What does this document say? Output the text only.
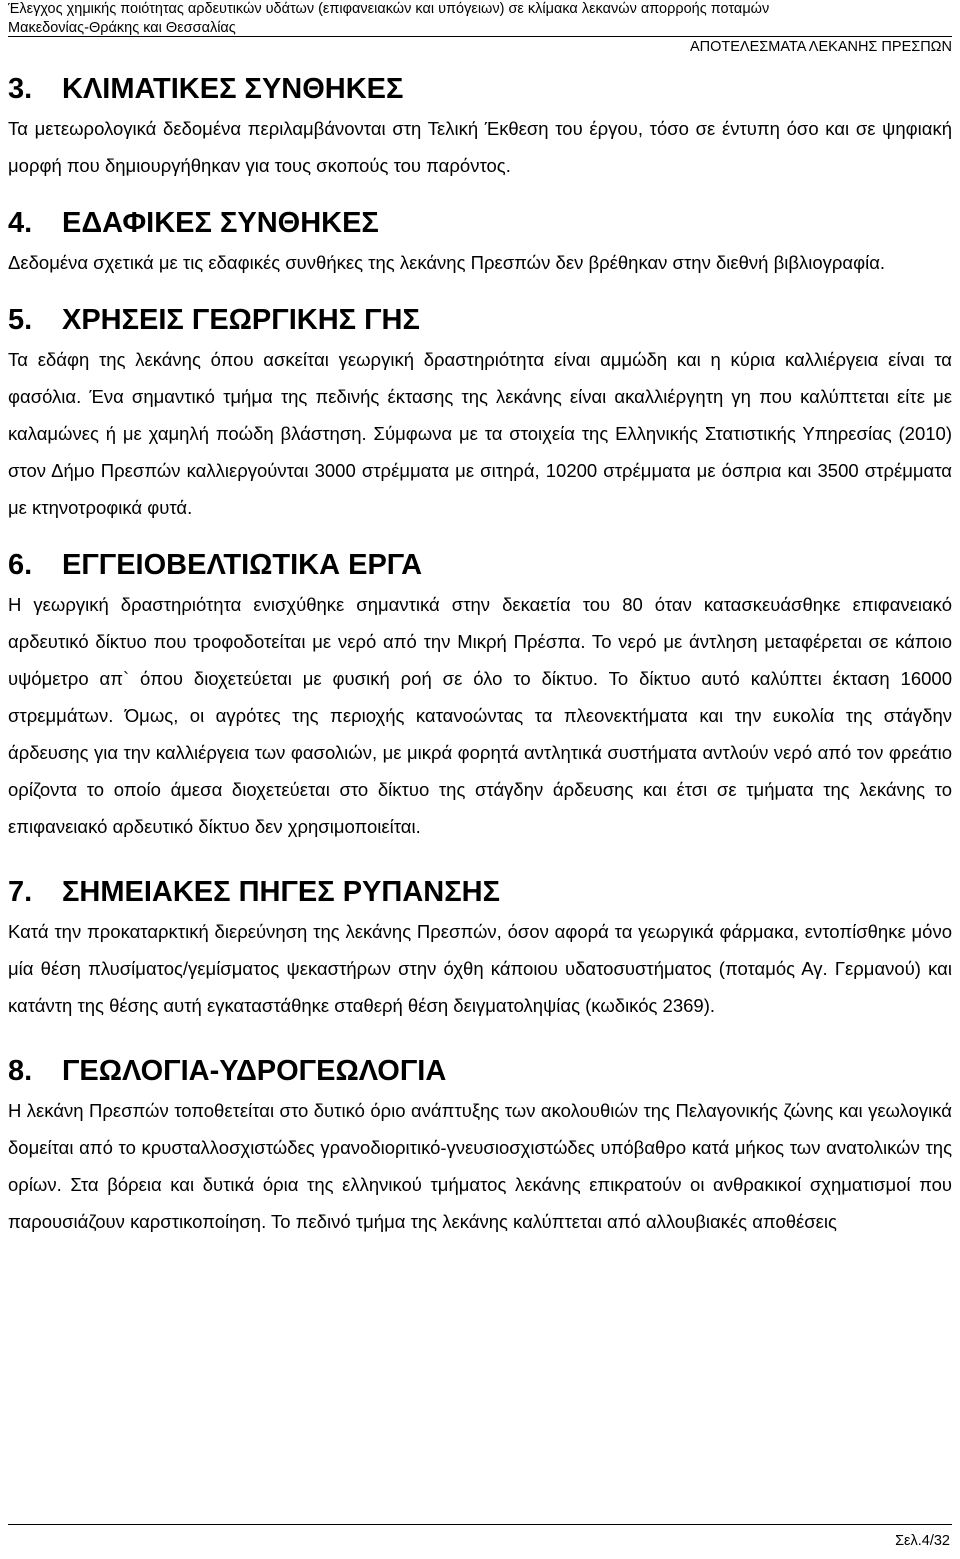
Έλεγχος χημικής ποιότητας αρδευτικών υδάτων (επιφανειακών και υπόγειων) σε κλίμακα λεκανών απορροής ποταμών
Μακεδονίας-Θράκης και Θεσσαλίας
ΑΠΟΤΕΛΕΣΜΑΤΑ ΛΕΚΑΝΗΣ ΠΡΕΣΠΩΝ
3. ΚΛΙΜΑΤΙΚΕΣ ΣΥΝΘΗΚΕΣ

Τα μετεωρολογικά δεδομένα περιλαμβάνονται στη Τελική Έκθεση του έργου, τόσο σε έντυπη όσο και σε ψηφιακή μορφή που δημιουργήθηκαν για τους σκοπούς του παρόντος.

4. ΕΔΑΦΙΚΕΣ ΣΥΝΘΗΚΕΣ

Δεδομένα σχετικά με τις εδαφικές συνθήκες της λεκάνης Πρεσπών δεν βρέθηκαν στην διεθνή βιβλιογραφία.

5. ΧΡΗΣΕΙΣ ΓΕΩΡΓΙΚΗΣ ΓΗΣ

Τα εδάφη της λεκάνης όπου ασκείται γεωργική δραστηριότητα είναι αμμώδη και η κύρια καλλιέργεια είναι τα φασόλια. Ένα σημαντικό τμήμα της πεδινής έκτασης της λεκάνης είναι ακαλλιέργητη γη που καλύπτεται είτε με καλαμώνες ή με χαμηλή ποώδη βλάστηση. Σύμφωνα με τα στοιχεία της Ελληνικής Στατιστικής Υπηρεσίας (2010) στον Δήμο Πρεσπών καλλιεργούνται 3000 στρέμματα με σιτηρά, 10200 στρέμματα με όσπρια και 3500 στρέμματα με κτηνοτροφικά φυτά.

6. ΕΓΓΕΙΟΒΕΛΤΙΩΤΙΚΑ ΕΡΓΑ

Η γεωργική δραστηριότητα ενισχύθηκε σημαντικά στην δεκαετία του 80 όταν κατασκευάσθηκε επιφανειακό αρδευτικό δίκτυο που τροφοδοτείται με νερό από την Μικρή Πρέσπα. Το νερό με άντληση μεταφέρεται σε κάποιο υψόμετρο απ` όπου διοχετεύεται με φυσική ροή σε όλο το δίκτυο. Το δίκτυο αυτό καλύπτει έκταση 16000 στρεμμάτων. Όμως, οι αγρότες της περιοχής κατανοώντας τα πλεονεκτήματα και την ευκολία της στάγδην άρδευσης για την καλλιέργεια των φασολιών, με μικρά φορητά αντλητικά συστήματα αντλούν νερό από τον φρεάτιο ορίζοντα το οποίο άμεσα διοχετεύεται στο δίκτυο της στάγδην άρδευσης και έτσι σε τμήματα της λεκάνης το επιφανειακό αρδευτικό δίκτυο δεν χρησιμοποιείται.

7. ΣΗΜΕΙΑΚΕΣ ΠΗΓΕΣ ΡΥΠΑΝΣΗΣ

Κατά την προκαταρκτική διερεύνηση της λεκάνης Πρεσπών, όσον αφορά τα γεωργικά φάρμακα, εντοπίσθηκε μόνο μία θέση πλυσίματος/γεμίσματος ψεκαστήρων στην όχθη κάποιου υδατοσυστήματος (ποταμός Αγ. Γερμανού) και κατάντη της θέσης αυτή εγκαταστάθηκε σταθερή θέση δειγματοληψίας (κωδικός 2369).

8. ΓΕΩΛΟΓΙΑ-ΥΔΡΟΓΕΩΛΟΓΙΑ

Η λεκάνη Πρεσπών τοποθετείται στο δυτικό όριο ανάπτυξης των ακολουθιών της Πελαγονικής ζώνης και γεωλογικά δομείται από το κρυσταλλοσχιστώδες γρανοδιοριτικό-γνευσιοσχιστώδες υπόβαθρο κατά μήκος των ανατολικών της ορίων. Στα βόρεια και δυτικά όρια της ελληνικού τμήματος λεκάνης επικρατούν οι ανθρακικοί σχηματισμοί που παρουσιάζουν καρστικοποίηση. Το πεδινό τμήμα της λεκάνης καλύπτεται από αλλουβιακές αποθέσεις

Σελ.4/32
